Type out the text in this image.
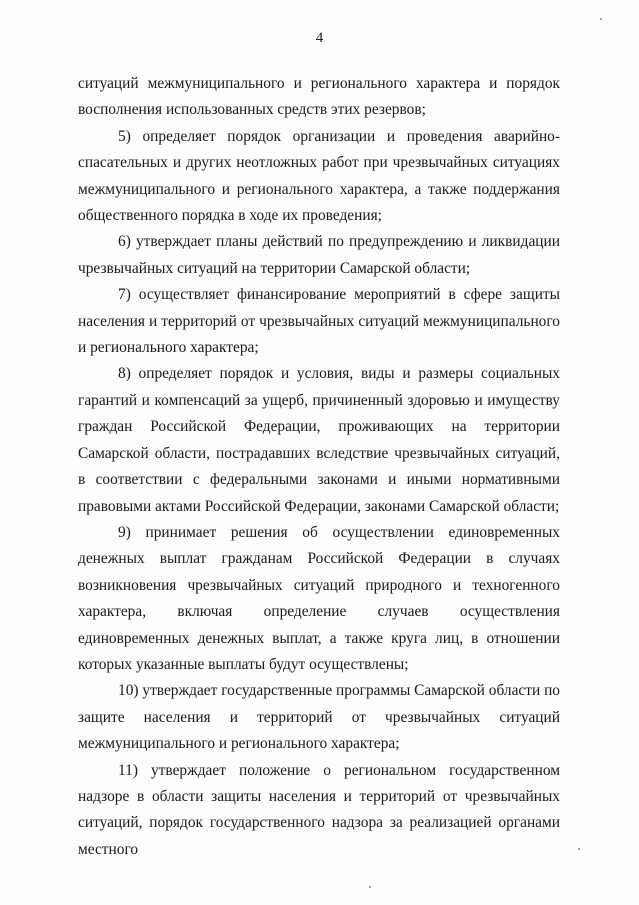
4

ситуаций межмуниципального и регионального характера и порядок восполнения использованных средств этих резервов;

5) определяет порядок организации и проведения аварийно-спасательных и других неотложных работ при чрезвычайных ситуациях межмуниципального и регионального характера, а также поддержания общественного порядка в ходе их проведения;

6) утверждает планы действий по предупреждению и ликвидации чрезвычайных ситуаций на территории Самарской области;

7) осуществляет финансирование мероприятий в сфере защиты населения и территорий от чрезвычайных ситуаций межмуниципального и регионального характера;

8) определяет порядок и условия, виды и размеры социальных гарантий и компенсаций за ущерб, причиненный здоровью и имуществу граждан Российской Федерации, проживающих на территории Самарской области, пострадавших вследствие чрезвычайных ситуаций, в соответствии с федеральными законами и иными нормативными правовыми актами Российской Федерации, законами Самарской области;

9) принимает решения об осуществлении единовременных денежных выплат гражданам Российской Федерации в случаях возникновения чрезвычайных ситуаций природного и техногенного характера, включая определение случаев осуществления единовременных денежных выплат, а также круга лиц, в отношении которых указанные выплаты будут осуществлены;

10) утверждает государственные программы Самарской области по защите населения и территорий от чрезвычайных ситуаций межмуниципального и регионального характера;

11) утверждает положение о региональном государственном надзоре в области защиты населения и территорий от чрезвычайных ситуаций, порядок государственного надзора за реализацией органами местного
